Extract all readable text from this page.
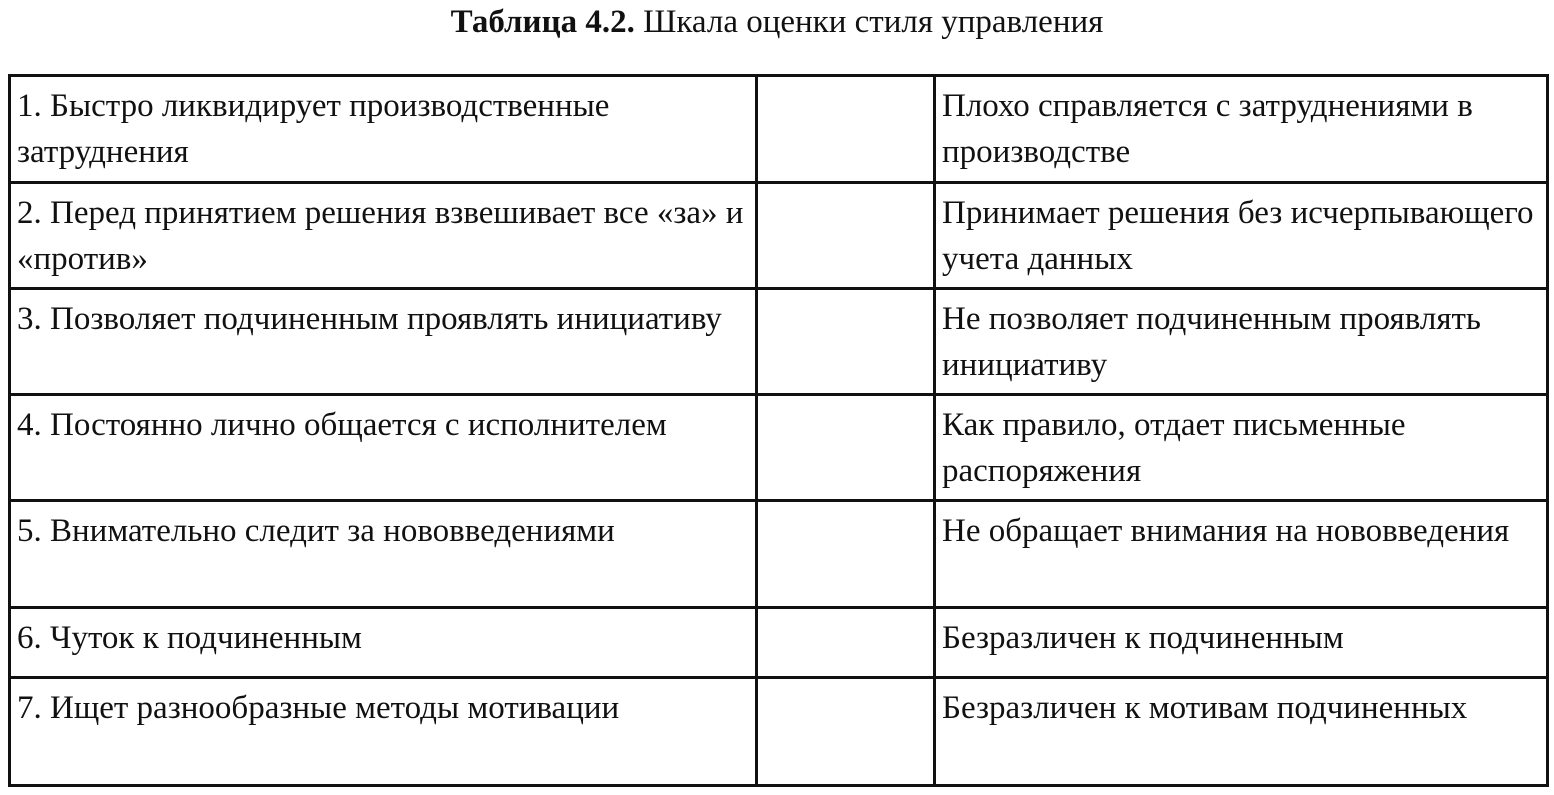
Таблица 4.2. Шкала оценки стиля управления
1. Быстро ликвидирует производственные затруднения		Плохо справляется с затруднениями в производстве
2. Перед принятием решения взвешивает все «за» и «против»		Принимает решения без исчерпывающего учета данных
3. Позволяет подчиненным проявлять инициативу		Не позволяет подчиненным проявлять инициативу
4. Постоянно лично общается с исполнителем		Как правило, отдает письменные распоряжения
5. Внимательно следит за нововведениями		Не обращает внимания на нововведения
6. Чуток к подчиненным		Безразличен к подчиненным
7. Ищет разнообразные методы мотивации		Безразличен к мотивам подчиненных
